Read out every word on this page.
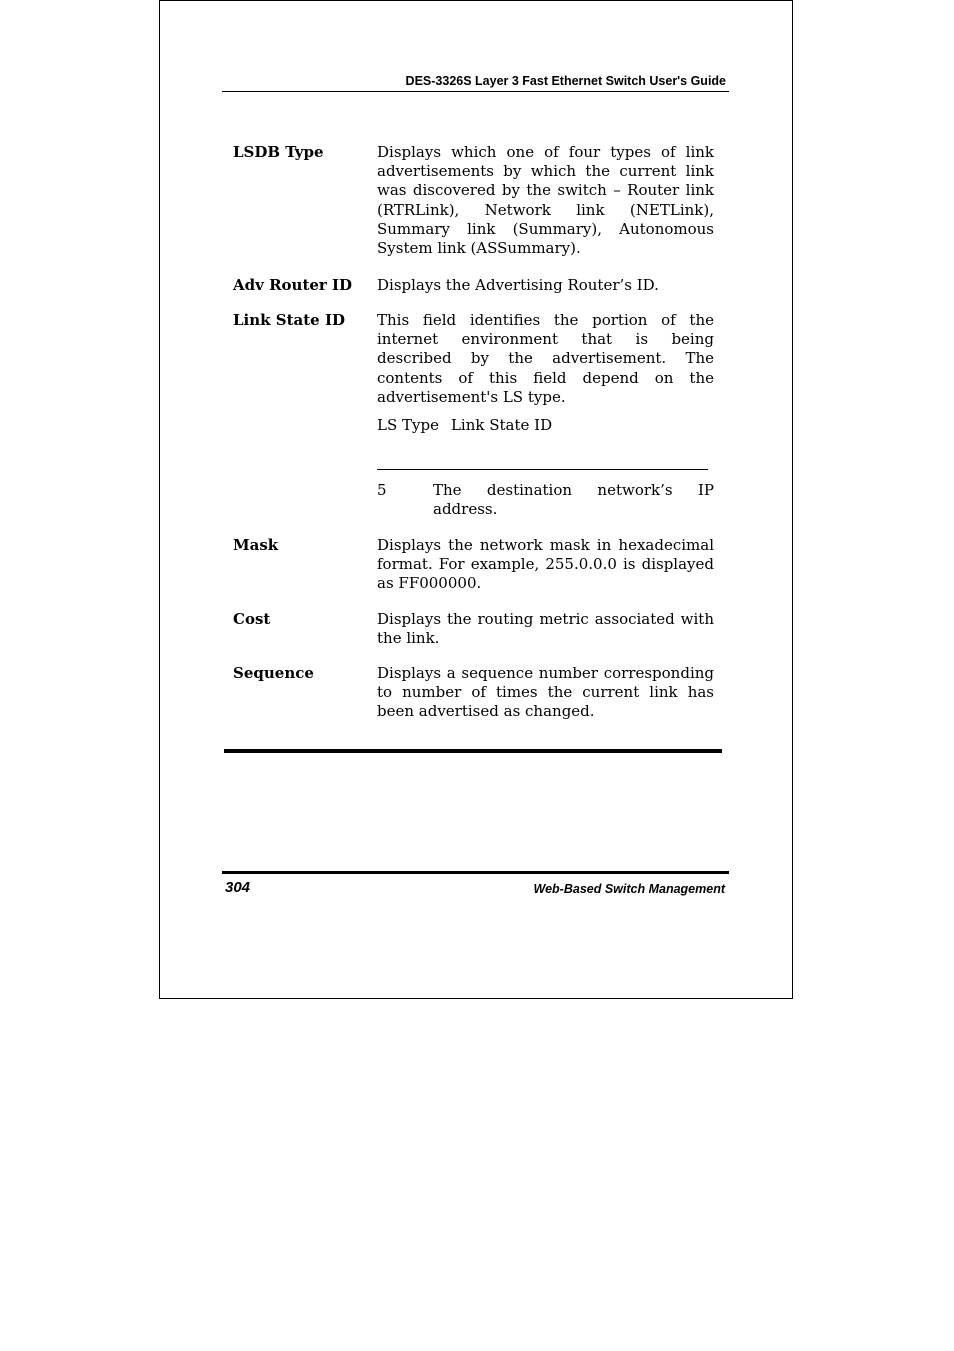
DES-3326S Layer 3 Fast Ethernet Switch User's Guide
LSDB Type	Displays which one of four types of link advertisements by which the current link was discovered by the switch – Router link (RTRLink), Network link (NETLink), Summary link (Summary), Autonomous System link (ASSummary).
Adv Router ID	Displays the Advertising Router’s ID.
Link State ID	This field identifies the portion of the internet environment that is being described by the advertisement. The contents of this field depend on the advertisement's LS type.
LS Type Link State ID
5	The destination network’s IP address.
Mask	Displays the network mask in hexadecimal format. For example, 255.0.0.0 is displayed as FF000000.
Cost	Displays the routing metric associated with the link.
Sequence	Displays a sequence number corresponding to number of times the current link has been advertised as changed.
304	Web-Based Switch Management
